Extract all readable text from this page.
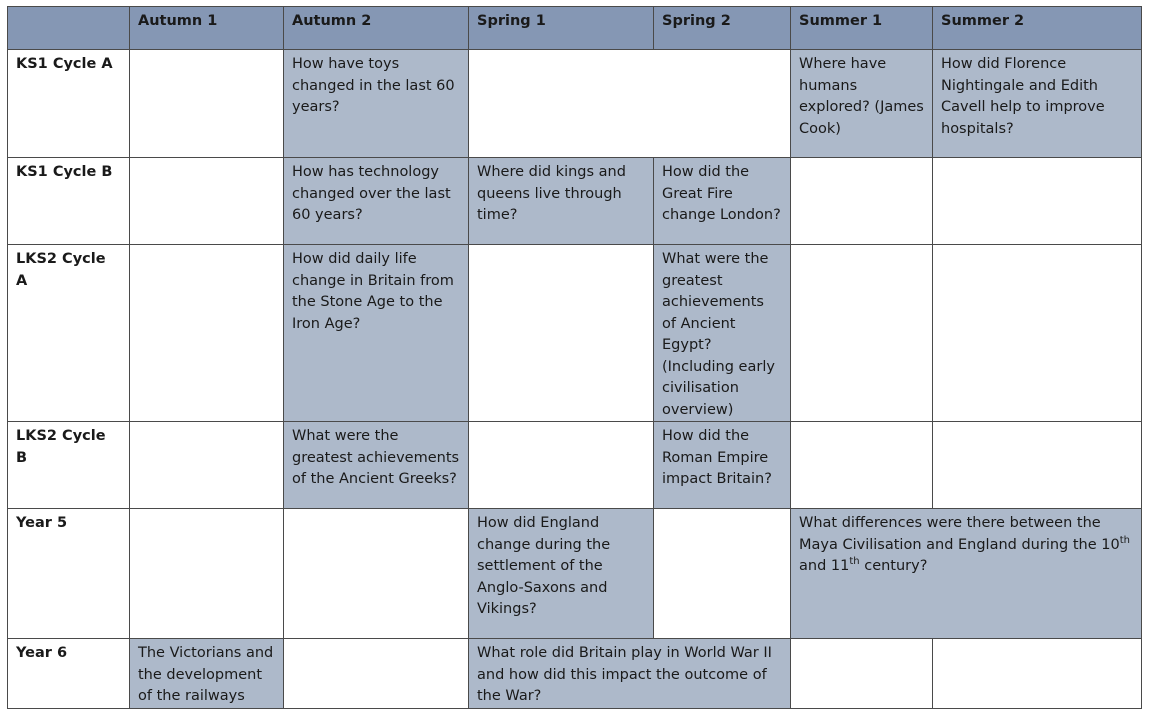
	Autumn 1	Autumn 2	Spring 1	Spring 2	Summer 1	Summer 2
KS1 Cycle A		How have toys changed in the last 60 years?			Where have humans explored? (James Cook)	How did Florence Nightingale and Edith Cavell help to improve hospitals?
KS1 Cycle B		How has technology changed over the last 60 years?	Where did kings and queens live through time?	How did the Great Fire change London?		
LKS2 Cycle A		How did daily life change in Britain from the Stone Age to the Iron Age?		What were the greatest achievements of Ancient Egypt? (Including early civilisation overview)		
LKS2 Cycle B		What were the greatest achievements of the Ancient Greeks?		How did the Roman Empire impact Britain?		
Year 5			How did England change during the settlement of the Anglo-Saxons and Vikings?		What differences were there between the Maya Civilisation and England during the 10th and 11th century?	
Year 6	The Victorians and the development of the railways		What role did Britain play in World War II and how did this impact the outcome of the War?			
